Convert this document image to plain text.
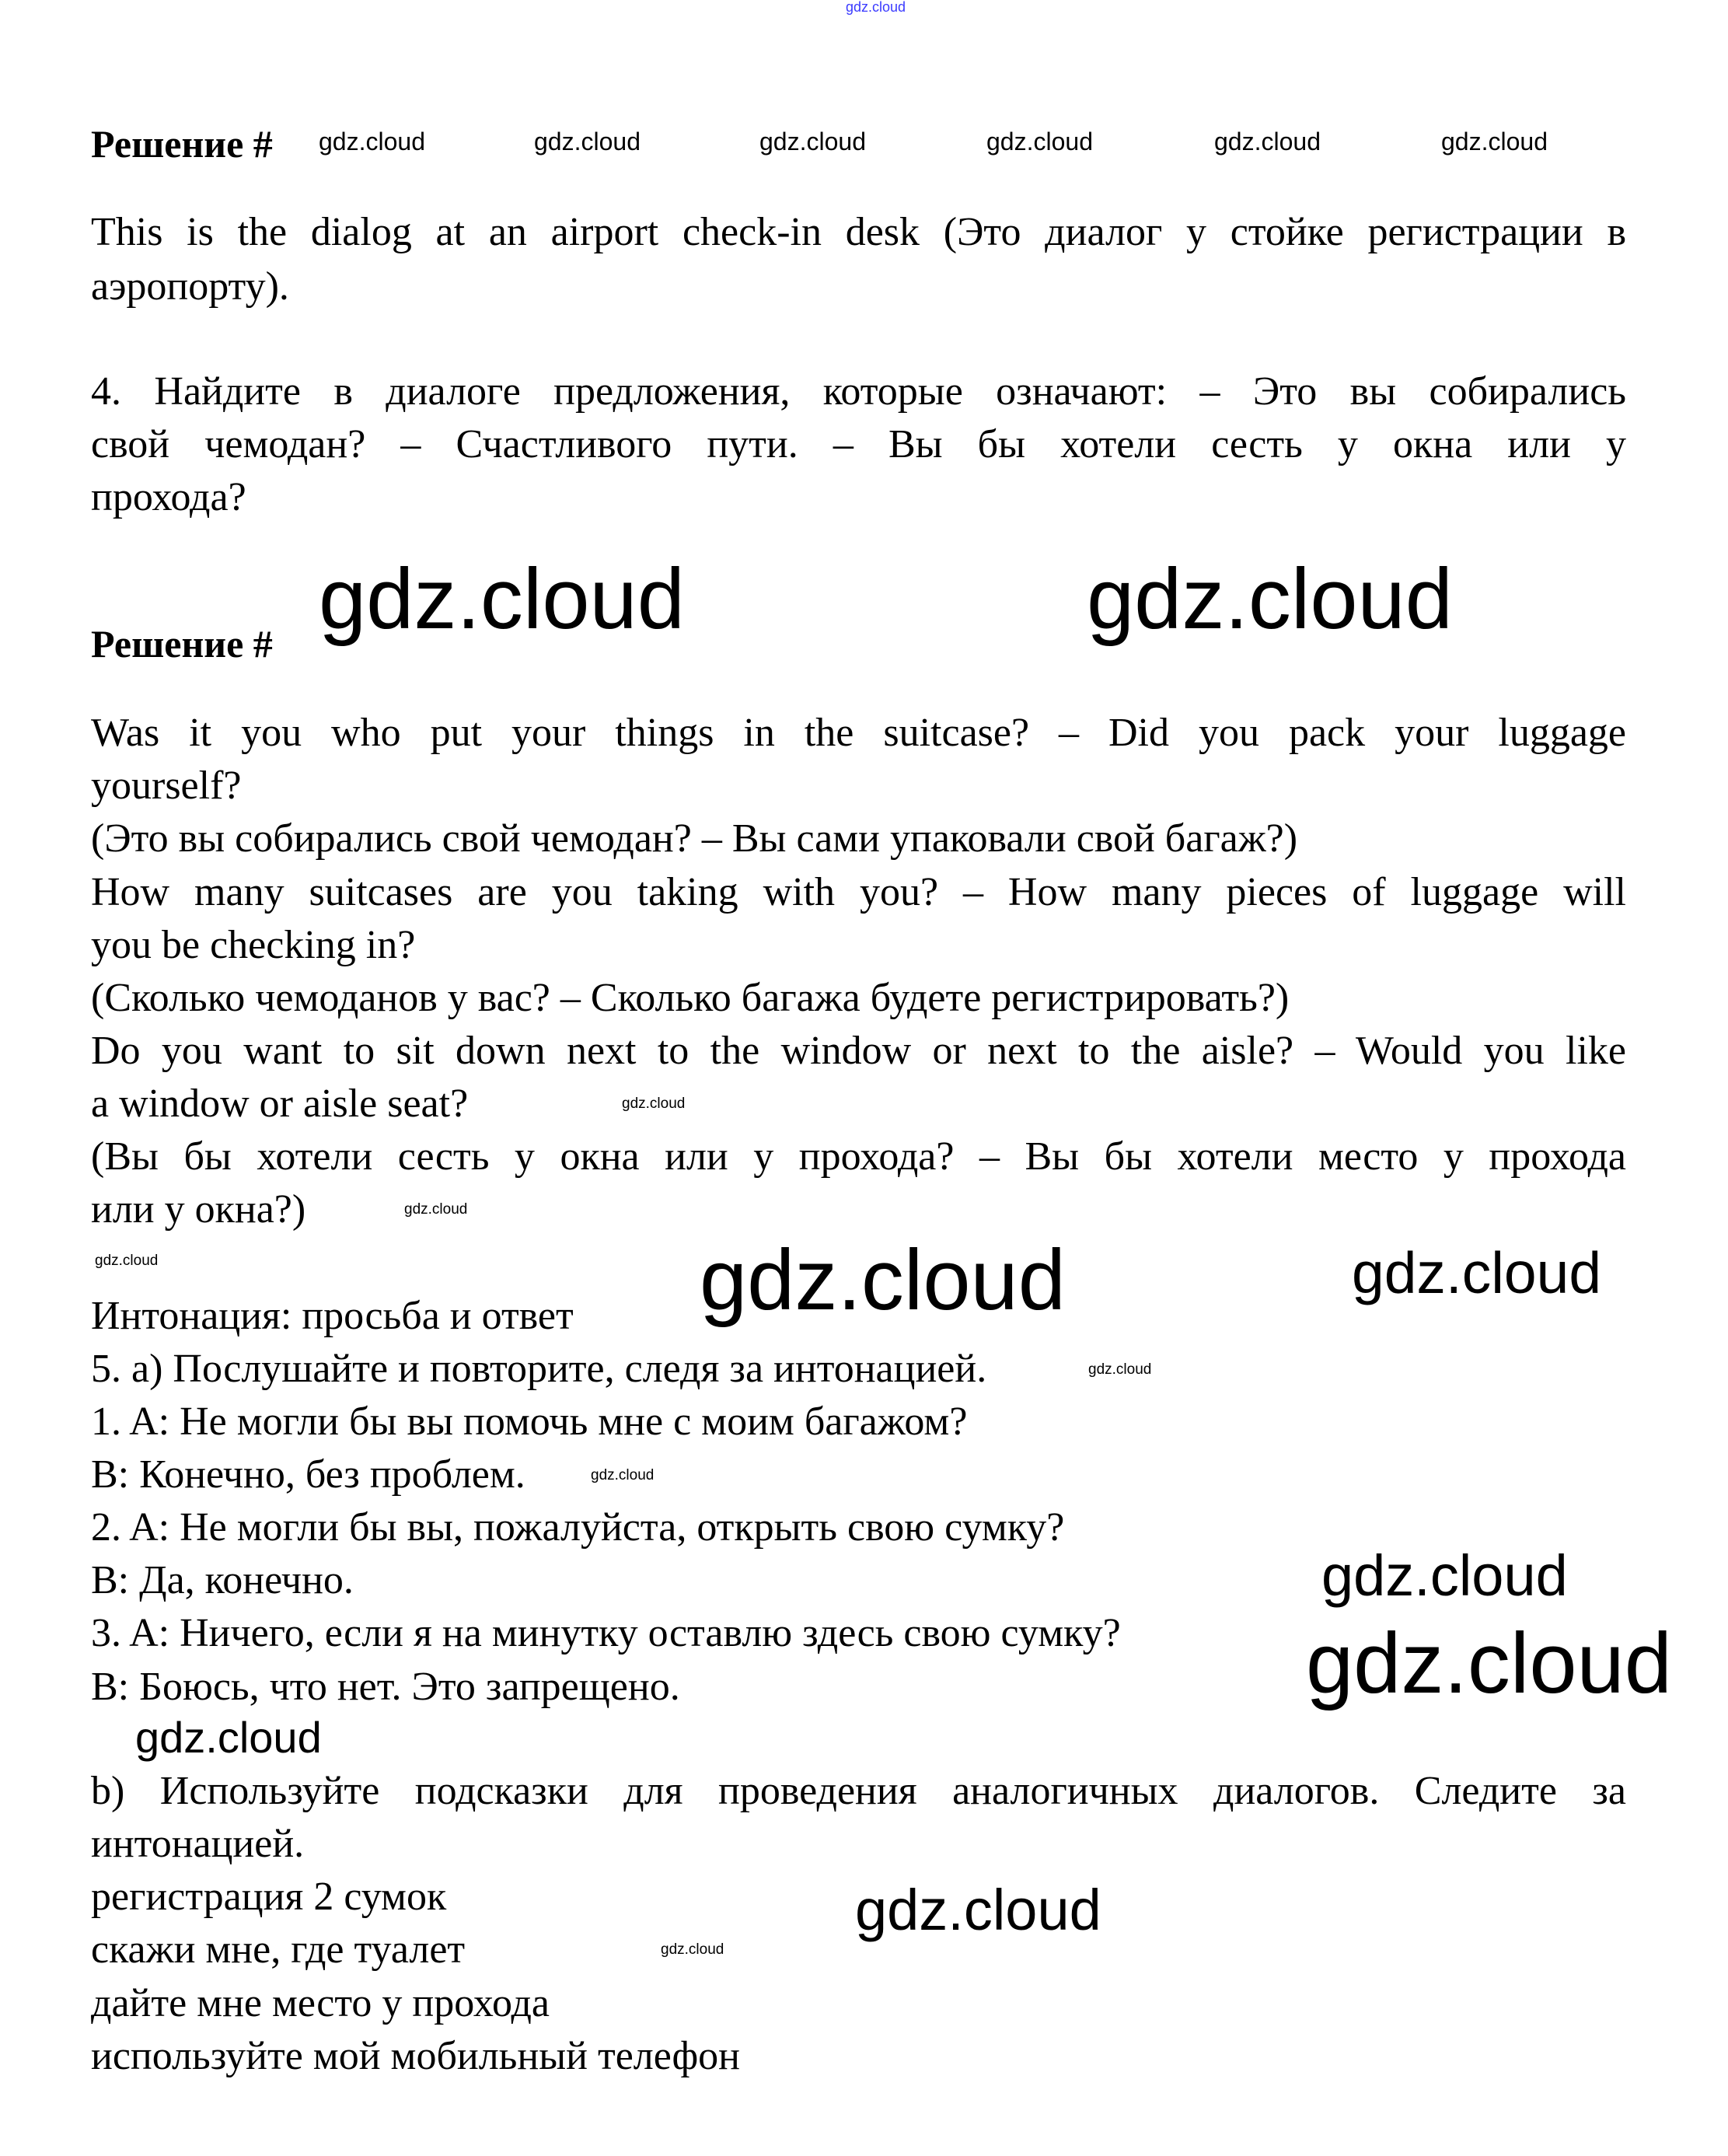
gdz.cloud
gdz.cloud	gdz.cloud	gdz.cloud	gdz.cloud	gdz.cloud	gdz.cloud
gdz.cloud	gdz.cloud
gdz.cloud	gdz.cloud
gdz.cloud
gdz.cloud
gdz.cloud
gdz.cloud
gdz.cloud
gdz.cloud
gdz.cloud
gdz.cloud
gdz.cloud
gdz.cloud
Решение #
This is the dialog at an airport check-in desk (Это диалог у стойке регистрации в
аэропорту).
4. Найдите в диалоге предложения, которые означают: – Это вы собирались
свой чемодан? – Счастливого пути. – Вы бы хотели сесть у окна или у
прохода?
Решение #
Was it you who put your things in the suitcase? – Did you pack your luggage
yourself?
(Это вы собирались свой чемодан? – Вы сами упаковали свой багаж?)
How many suitcases are you taking with you? – How many pieces of luggage will
you be checking in?
(Сколько чемоданов у вас? – Сколько багажа будете регистрировать?)
Do you want to sit down next to the window or next to the aisle? – Would you like
a window or aisle seat?
(Вы бы хотели сесть у окна или у прохода? – Вы бы хотели место у прохода
или у окна?)
Интонация: просьба и ответ
5. a) Послушайте и повторите, следя за интонацией.
1. A: Не могли бы вы помочь мне с моим багажом?
B: Конечно, без проблем.
2. A: Не могли бы вы, пожалуйста, открыть свою сумку?
B: Да, конечно.
3. A: Ничего, если я на минутку оставлю здесь свою сумку?
B: Боюсь, что нет. Это запрещено.
b) Используйте подсказки для проведения аналогичных диалогов. Следите за
интонацией.
регистрация 2 сумок
скажи мне, где туалет
дайте мне место у прохода
используйте мой мобильный телефон
